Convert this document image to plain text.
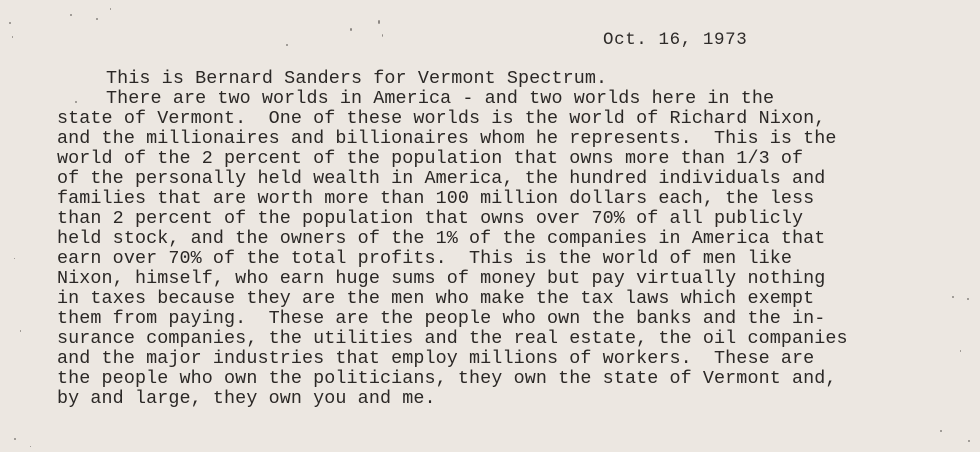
Oct. 16, 1973
This is Bernard Sanders for Vermont Spectrum.
There are two worlds in America - and two worlds here in the
state of Vermont.  One of these worlds is the world of Richard Nixon,
and the millionaires and billionaires whom he represents.  This is the
world of the 2 percent of the population that owns more than 1/3 of
of the personally held wealth in America, the hundred individuals and
families that are worth more than 100 million dollars each, the less
than 2 percent of the population that owns over 70% of all publicly
held stock, and the owners of the 1% of the companies in America that
earn over 70% of the total profits.  This is the world of men like
Nixon, himself, who earn huge sums of money but pay virtually nothing
in taxes because they are the men who make the tax laws which exempt
them from paying.  These are the people who own the banks and the in-
surance companies, the utilities and the real estate, the oil companies
and the major industries that employ millions of workers.  These are
the people who own the politicians, they own the state of Vermont and,
by and large, they own you and me.
